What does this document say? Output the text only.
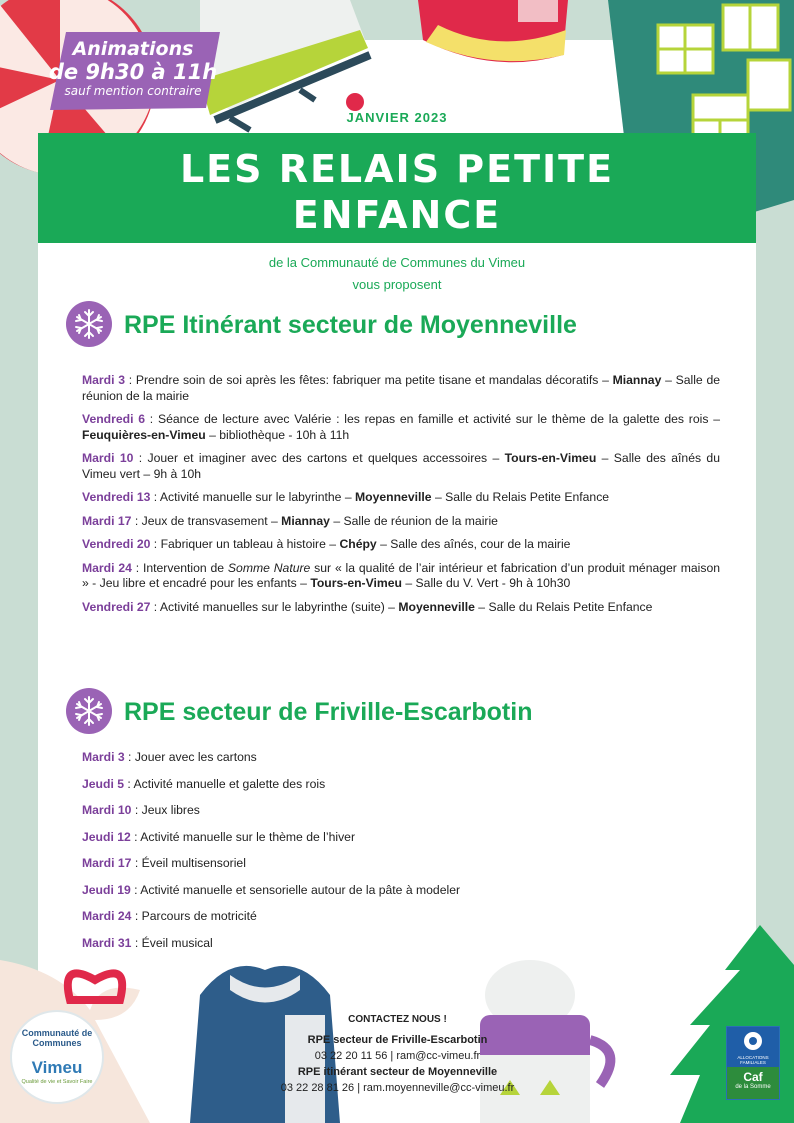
Animations
de 9h30 à 11h
sauf mention contraire
JANVIER 2023
LES RELAIS PETITE
ENFANCE
de la Communauté de Communes du Vimeu
vous proposent
RPE Itinérant secteur de Moyenneville
Mardi 3 : Prendre soin de soi après les fêtes: fabriquer ma petite tisane et mandalas décoratifs – Miannay – Salle de réunion de la mairie
Vendredi 6 : Séance de lecture avec Valérie : les repas en famille et activité sur le thème de la galette des rois – Feuquières-en-Vimeu – bibliothèque - 10h à 11h
Mardi 10 : Jouer et imaginer avec des cartons et quelques accessoires – Tours-en-Vimeu – Salle des aînés du Vimeu vert – 9h à 10h
Vendredi 13 : Activité manuelle sur le labyrinthe – Moyenneville – Salle du Relais Petite Enfance
Mardi 17 : Jeux de transvasement – Miannay – Salle de réunion de la mairie
Vendredi 20 : Fabriquer un tableau à histoire – Chépy – Salle des aînés, cour de la mairie
Mardi 24 : Intervention de Somme Nature sur « la qualité de l’air intérieur et fabrication d’un produit ménager maison » - Jeu libre et encadré pour les enfants – Tours-en-Vimeu – Salle du V. Vert - 9h à 10h30
Vendredi 27 : Activité manuelles sur le labyrinthe (suite) – Moyenneville – Salle du Relais Petite Enfance
RPE secteur de Friville-Escarbotin
Mardi 3 : Jouer avec les cartons
Jeudi 5 : Activité manuelle et galette des rois
Mardi 10 : Jeux libres
Jeudi 12 : Activité manuelle sur le thème de l’hiver
Mardi 17 : Éveil multisensoriel
Jeudi 19 : Activité manuelle et sensorielle autour de la pâte à modeler
Mardi 24 : Parcours de motricité
Mardi 31 : Éveil musical
Communauté de Communes
Vimeu
Qualité de vie et Savoir Faire
ALLOCATIONS FAMILIALES
Caf
de la Somme
CONTACTEZ NOUS !
RPE secteur de Friville-Escarbotin
03 22 20 11 56 | ram@cc-vimeu.fr
RPE itinérant secteur de Moyenneville
03 22 28 81 26 | ram.moyenneville@cc-vimeu.fr
